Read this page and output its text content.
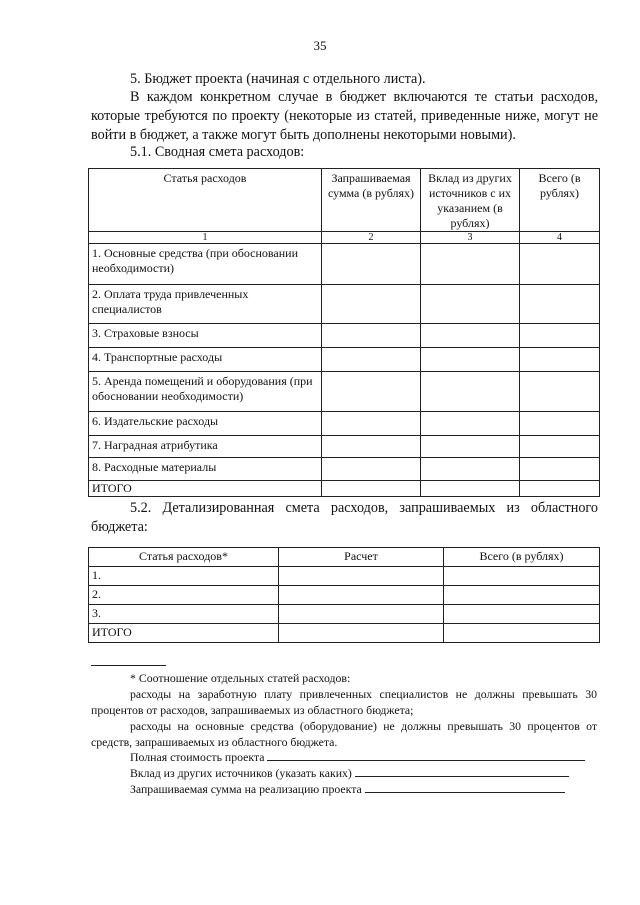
35
5. Бюджет проекта (начиная с отдельного листа).
В каждом конкретном случае в бюджет включаются те статьи расходов, которые требуются по проекту (некоторые из статей, приведенные ниже, могут не войти в бюджет, а также могут быть дополнены некоторыми новыми).
5.1. Сводная смета расходов:
Статья расходов	Запрашиваемая сумма (в рублях)	Вклад из других источников с их указанием (в рублях)	Всего (в рублях)
1	2	3	4
1. Основные средства (при обосновании необходимости)			
2. Оплата труда привлеченных специалистов			
3. Страховые взносы			
4. Транспортные расходы			
5. Аренда помещений и оборудования (при обосновании необходимости)			
6. Издательские расходы			
7. Наградная атрибутика			
8. Расходные материалы			
ИТОГО			
5.2. Детализированная смета расходов, запрашиваемых из областного бюджета:
Статья расходов*	Расчет	Всего (в рублях)
1.		
2.		
3.		
ИТОГО		
* Соотношение отдельных статей расходов:
расходы на заработную плату привлеченных специалистов не должны превышать 30 процентов от расходов, запрашиваемых из областного бюджета;
расходы на основные средства (оборудование) не должны превышать 30 процентов от средств, запрашиваемых из областного бюджета.
Полная стоимость проекта
Вклад из других источников (указать каких)
Запрашиваемая сумма на реализацию проекта
